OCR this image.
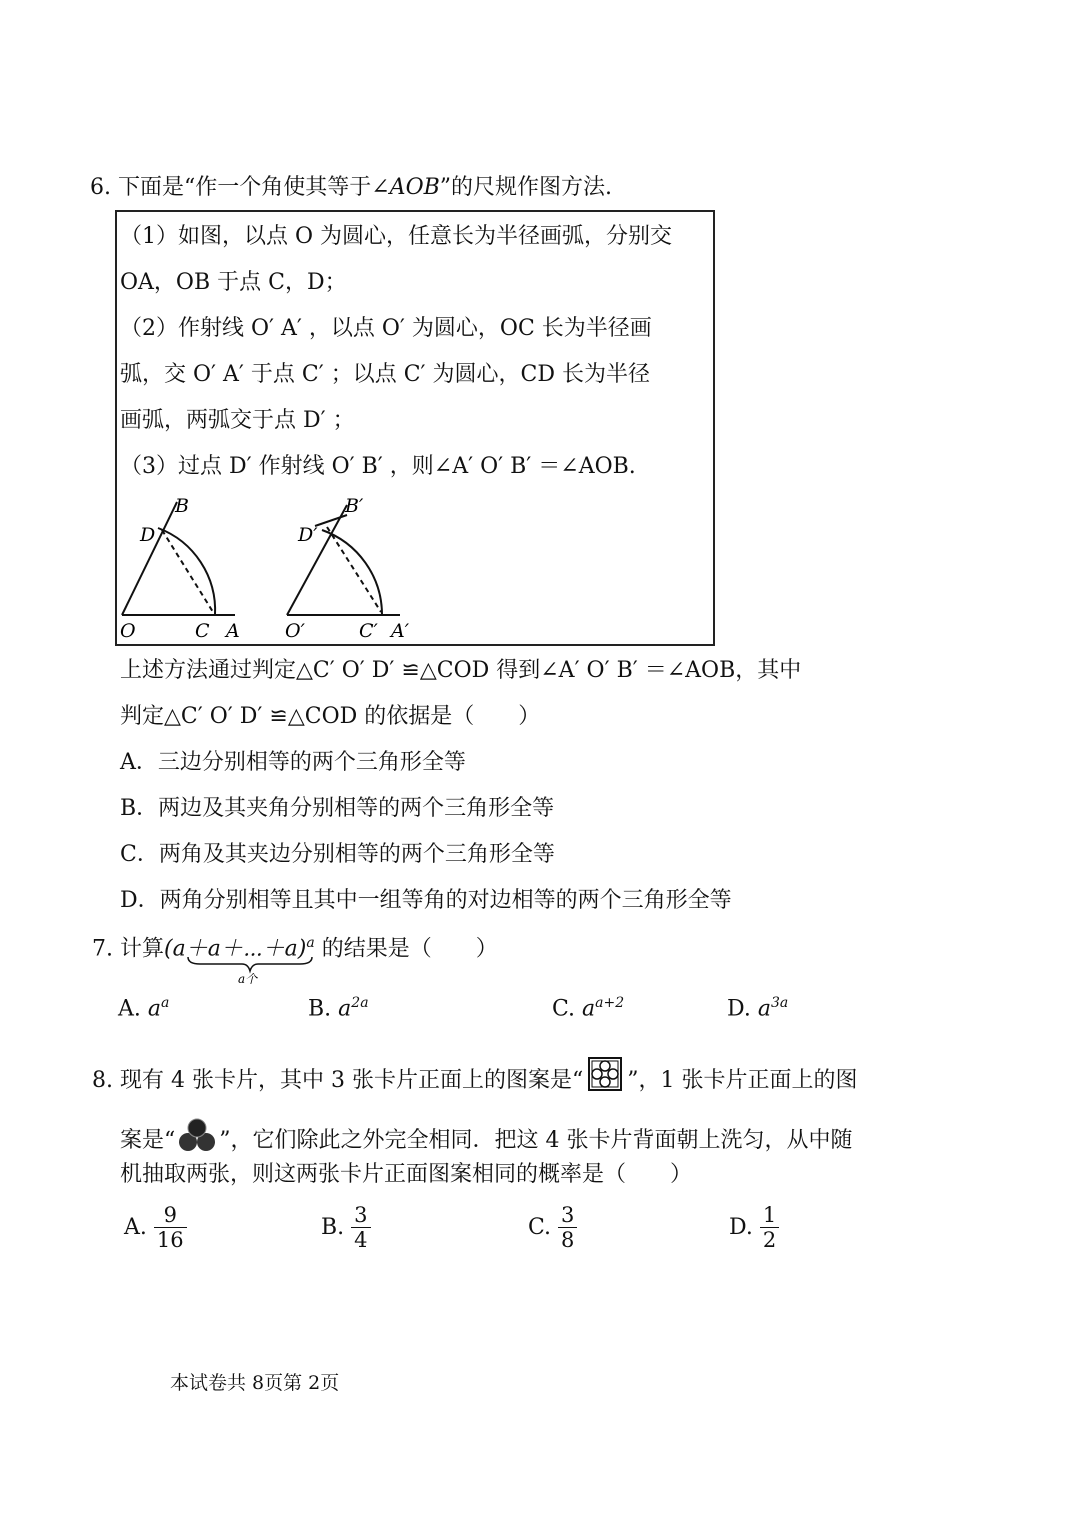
6. 下面是“作一个角使其等于∠AOB”的尺规作图方法.
（1）如图，以点 O 为圆心，任意长为半径画弧，分别交
OA，OB 于点 C，D；
（2）作射线 O′ A′ ，以点 O′ 为圆心，OC 长为半径画
弧，交 O′ A′ 于点 C′ ；以点 C′ 为圆心，CD 长为半径
画弧，两弧交于点 D′ ；
（3）过点 D′ 作射线 O′ B′ ，则∠A′ O′ B′ ＝∠AOB.
B
D
O	C A
B′
D′
O′	C′ A′
上述方法通过判定△C′ O′ D′ ≌△COD 得到∠A′ O′ B′ ＝∠AOB，其中
判定△C′ O′ D′ ≌△COD 的依据是（　　）
A．三边分别相等的两个三角形全等
B．两边及其夹角分别相等的两个三角形全等
C．两角及其夹边分别相等的两个三角形全等
D．两角分别相等且其中一组等角的对边相等的两个三角形全等
7. 计算(a＋a＋⋯＋a)$^a$ 的结果是（　　）
a个
A. $a^a$	B. $a^{2a}$	C. $a^{a+2}$	D. $a^{3a}$
8. 现有 4 张卡片，其中 3 张卡片正面上的图案是“ ”，1 张卡片正面上的图
案是“ ”，它们除此之外完全相同．把这 4 张卡片背面朝上洗匀，从中随
机抽取两张，则这两张卡片正面图案相同的概率是（　　）
A. $\frac{9}{16}$	B. $\frac{3}{4}$	C. $\frac{3}{8}$	D. $\frac{1}{2}$
本试卷共 8页第 2页
